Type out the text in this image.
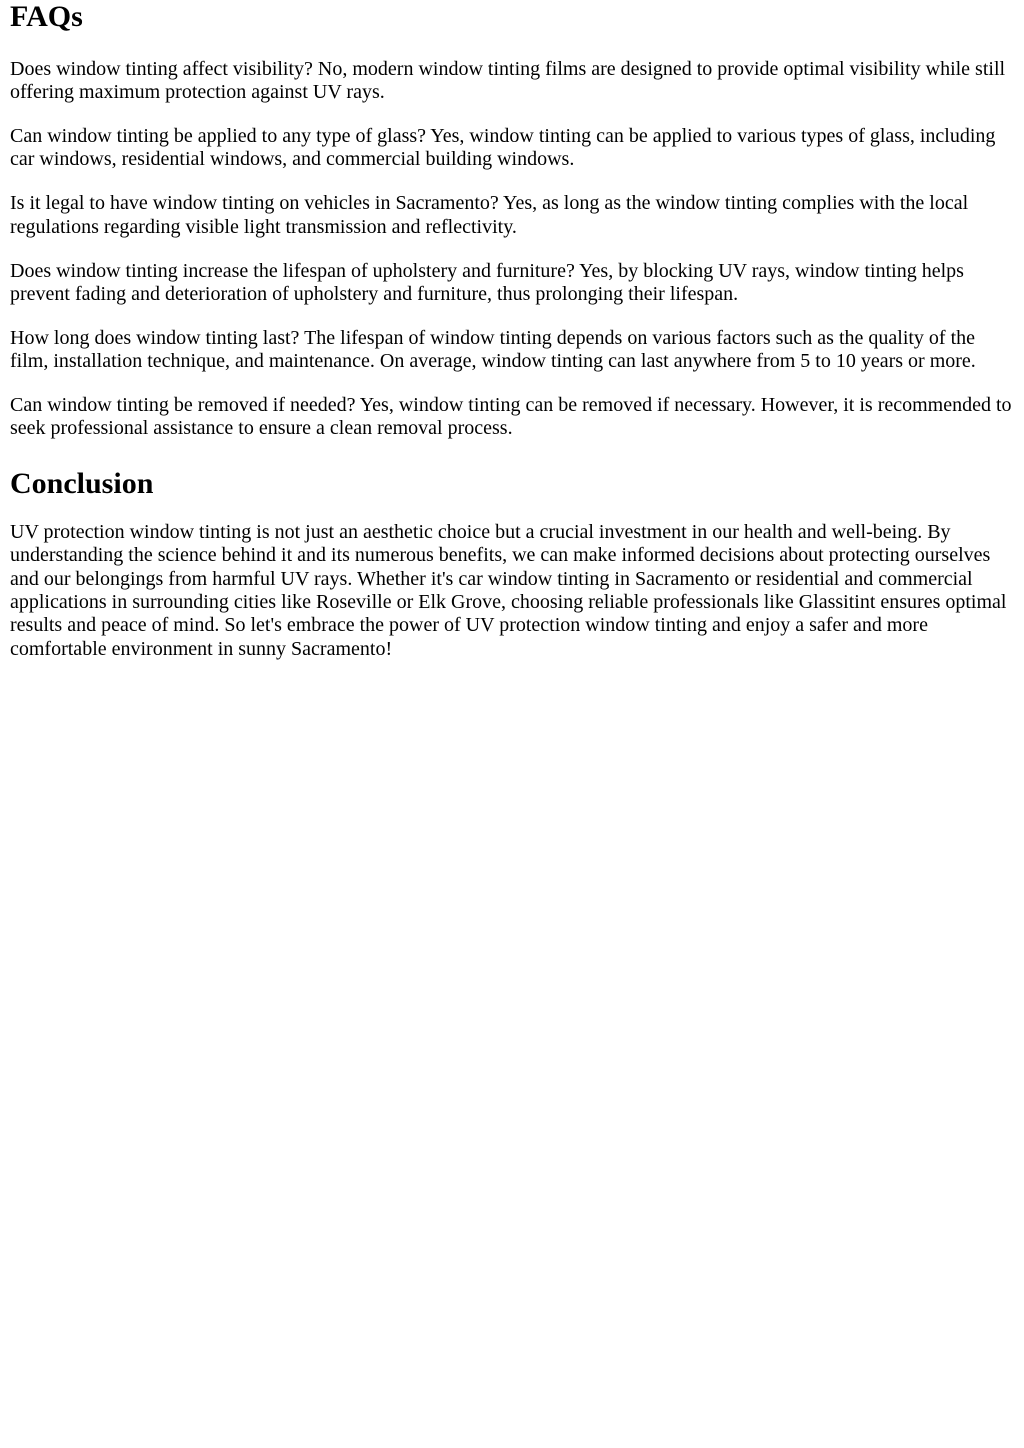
FAQs

Does window tinting affect visibility? No, modern window tinting films are designed to provide optimal visibility while still offering maximum protection against UV rays.

Can window tinting be applied to any type of glass? Yes, window tinting can be applied to various types of glass, including car windows, residential windows, and commercial building windows.

Is it legal to have window tinting on vehicles in Sacramento? Yes, as long as the window tinting complies with the local regulations regarding visible light transmission and reflectivity.

Does window tinting increase the lifespan of upholstery and furniture? Yes, by blocking UV rays, window tinting helps prevent fading and deterioration of upholstery and furniture, thus prolonging their lifespan.

How long does window tinting last? The lifespan of window tinting depends on various factors such as the quality of the film, installation technique, and maintenance. On average, window tinting can last anywhere from 5 to 10 years or more.

Can window tinting be removed if needed? Yes, window tinting can be removed if necessary. However, it is recommended to seek professional assistance to ensure a clean removal process.

Conclusion

UV protection window tinting is not just an aesthetic choice but a crucial investment in our health and well-being. By understanding the science behind it and its numerous benefits, we can make informed decisions about protecting ourselves and our belongings from harmful UV rays. Whether it's car window tinting in Sacramento or residential and commercial applications in surrounding cities like Roseville or Elk Grove, choosing reliable professionals like Glassitint ensures optimal results and peace of mind. So let's embrace the power of UV protection window tinting and enjoy a safer and more comfortable environment in sunny Sacramento!
